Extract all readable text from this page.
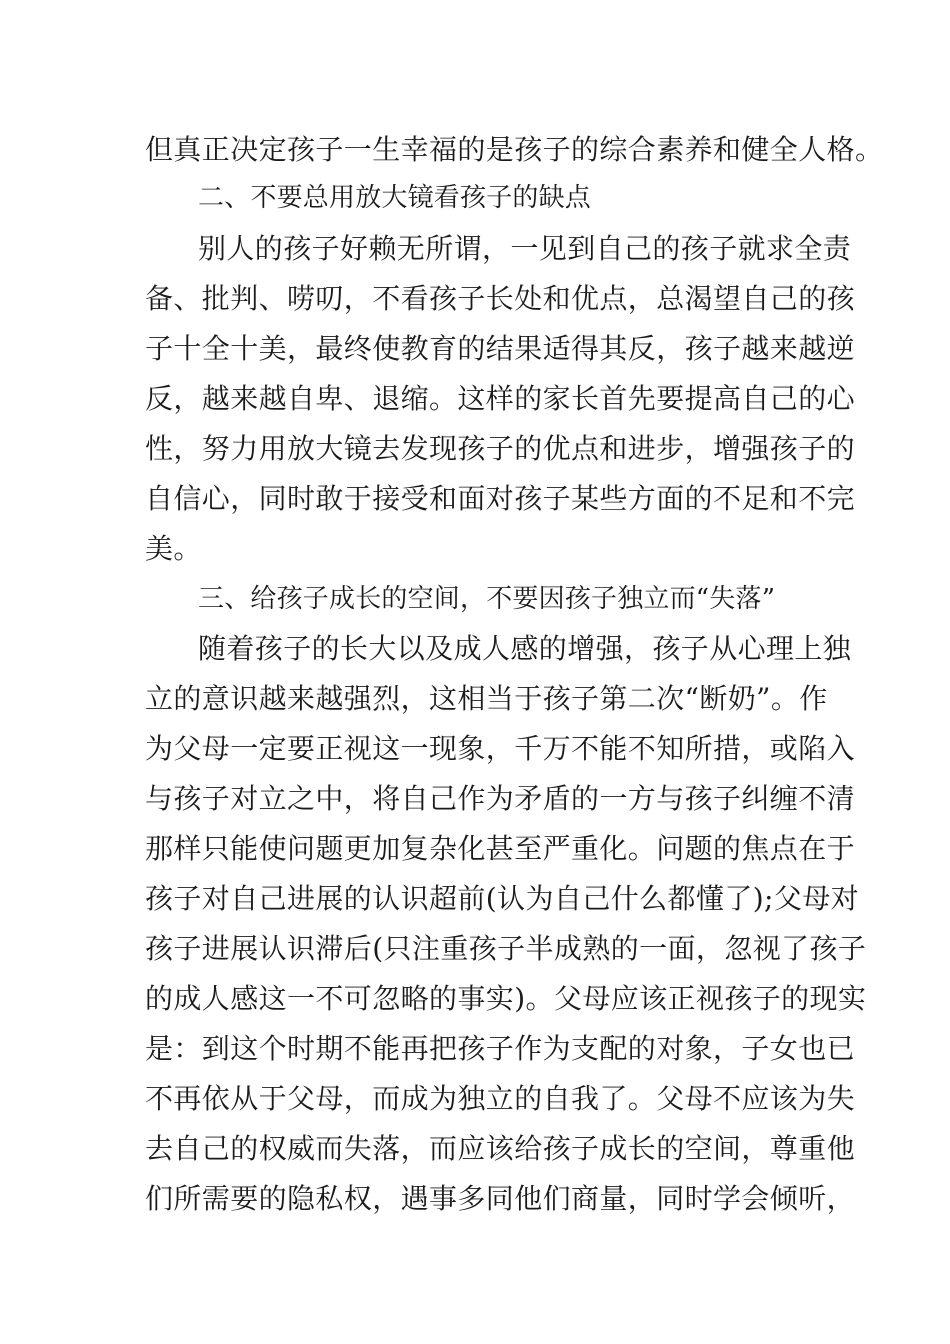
但真正决定孩子一生幸福的是孩子的综合素养和健全人格。
二、不要总用放大镜看孩子的缺点
别人的孩子好赖无所谓，一见到自己的孩子就求全责
备、批判、唠叨，不看孩子长处和优点，总渴望自己的孩
子十全十美，最终使教育的结果适得其反，孩子越来越逆
反，越来越自卑、退缩。这样的家长首先要提高自己的心
性，努力用放大镜去发现孩子的优点和进步，增强孩子的
自信心，同时敢于接受和面对孩子某些方面的不足和不完
美。
三、给孩子成长的空间，不要因孩子独立而“失落”
随着孩子的长大以及成人感的增强，孩子从心理上独
立的意识越来越强烈，这相当于孩子第二次“断奶”。作
为父母一定要正视这一现象，千万不能不知所措，或陷入
与孩子对立之中，将自己作为矛盾的一方与孩子纠缠不清
那样只能使问题更加复杂化甚至严重化。问题的焦点在于
孩子对自己进展的认识超前(认为自己什么都懂了);父母对
孩子进展认识滞后(只注重孩子半成熟的一面，忽视了孩子
的成人感这一不可忽略的事实)。父母应该正视孩子的现实
是：到这个时期不能再把孩子作为支配的对象，子女也已
不再依从于父母，而成为独立的自我了。父母不应该为失
去自己的权威而失落，而应该给孩子成长的空间，尊重他
们所需要的隐私权，遇事多同他们商量，同时学会倾听，
